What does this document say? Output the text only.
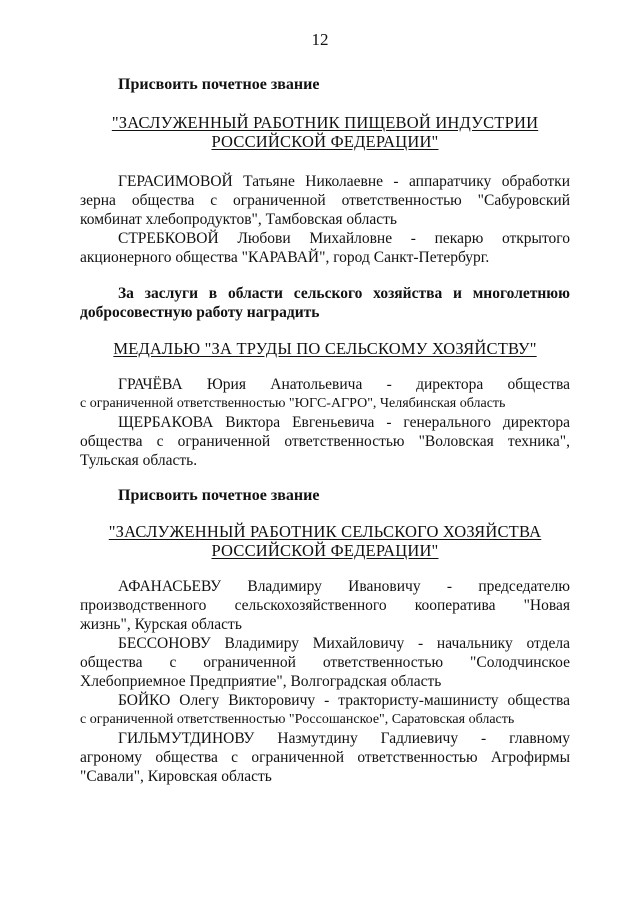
12
Присвоить почетное звание
"ЗАСЛУЖЕННЫЙ РАБОТНИК ПИЩЕВОЙ ИНДУСТРИИ
РОССИЙСКОЙ ФЕДЕРАЦИИ"
ГЕРАСИМОВОЙ Татьяне Николаевне - аппаратчику обработки
зерна общества с ограниченной ответственностью "Сабуровский
комбинат хлебопродуктов", Тамбовская область
СТРЕБКОВОЙ Любови Михайловне - пекарю открытого
акционерного общества "КАРАВАЙ", город Санкт-Петербург.
За заслуги в области сельского хозяйства и многолетнюю
добросовестную работу наградить
МЕДАЛЬЮ "ЗА ТРУДЫ ПО СЕЛЬСКОМУ ХОЗЯЙСТВУ"
ГРАЧЁВА Юрия Анатольевича - директора общества
с ограниченной ответственностью "ЮГС-АГРО", Челябинская область
ЩЕРБАКОВА Виктора Евгеньевича - генерального директора
общества с ограниченной ответственностью "Воловская техника",
Тульская область.
Присвоить почетное звание
"ЗАСЛУЖЕННЫЙ РАБОТНИК СЕЛЬСКОГО ХОЗЯЙСТВА
РОССИЙСКОЙ ФЕДЕРАЦИИ"
АФАНАСЬЕВУ Владимиру Ивановичу - председателю
производственного сельскохозяйственного кооператива "Новая
жизнь", Курская область
БЕССОНОВУ Владимиру Михайловичу - начальнику отдела
общества с ограниченной ответственностью "Солодчинское
Хлебоприемное Предприятие", Волгоградская область
БОЙКО Олегу Викторовичу - трактористу-машинисту общества
с ограниченной ответственностью "Россошанское", Саратовская область
ГИЛЬМУТДИНОВУ Назмутдину Гадлиевичу - главному
агроному общества с ограниченной ответственностью Агрофирмы
"Савали", Кировская область
